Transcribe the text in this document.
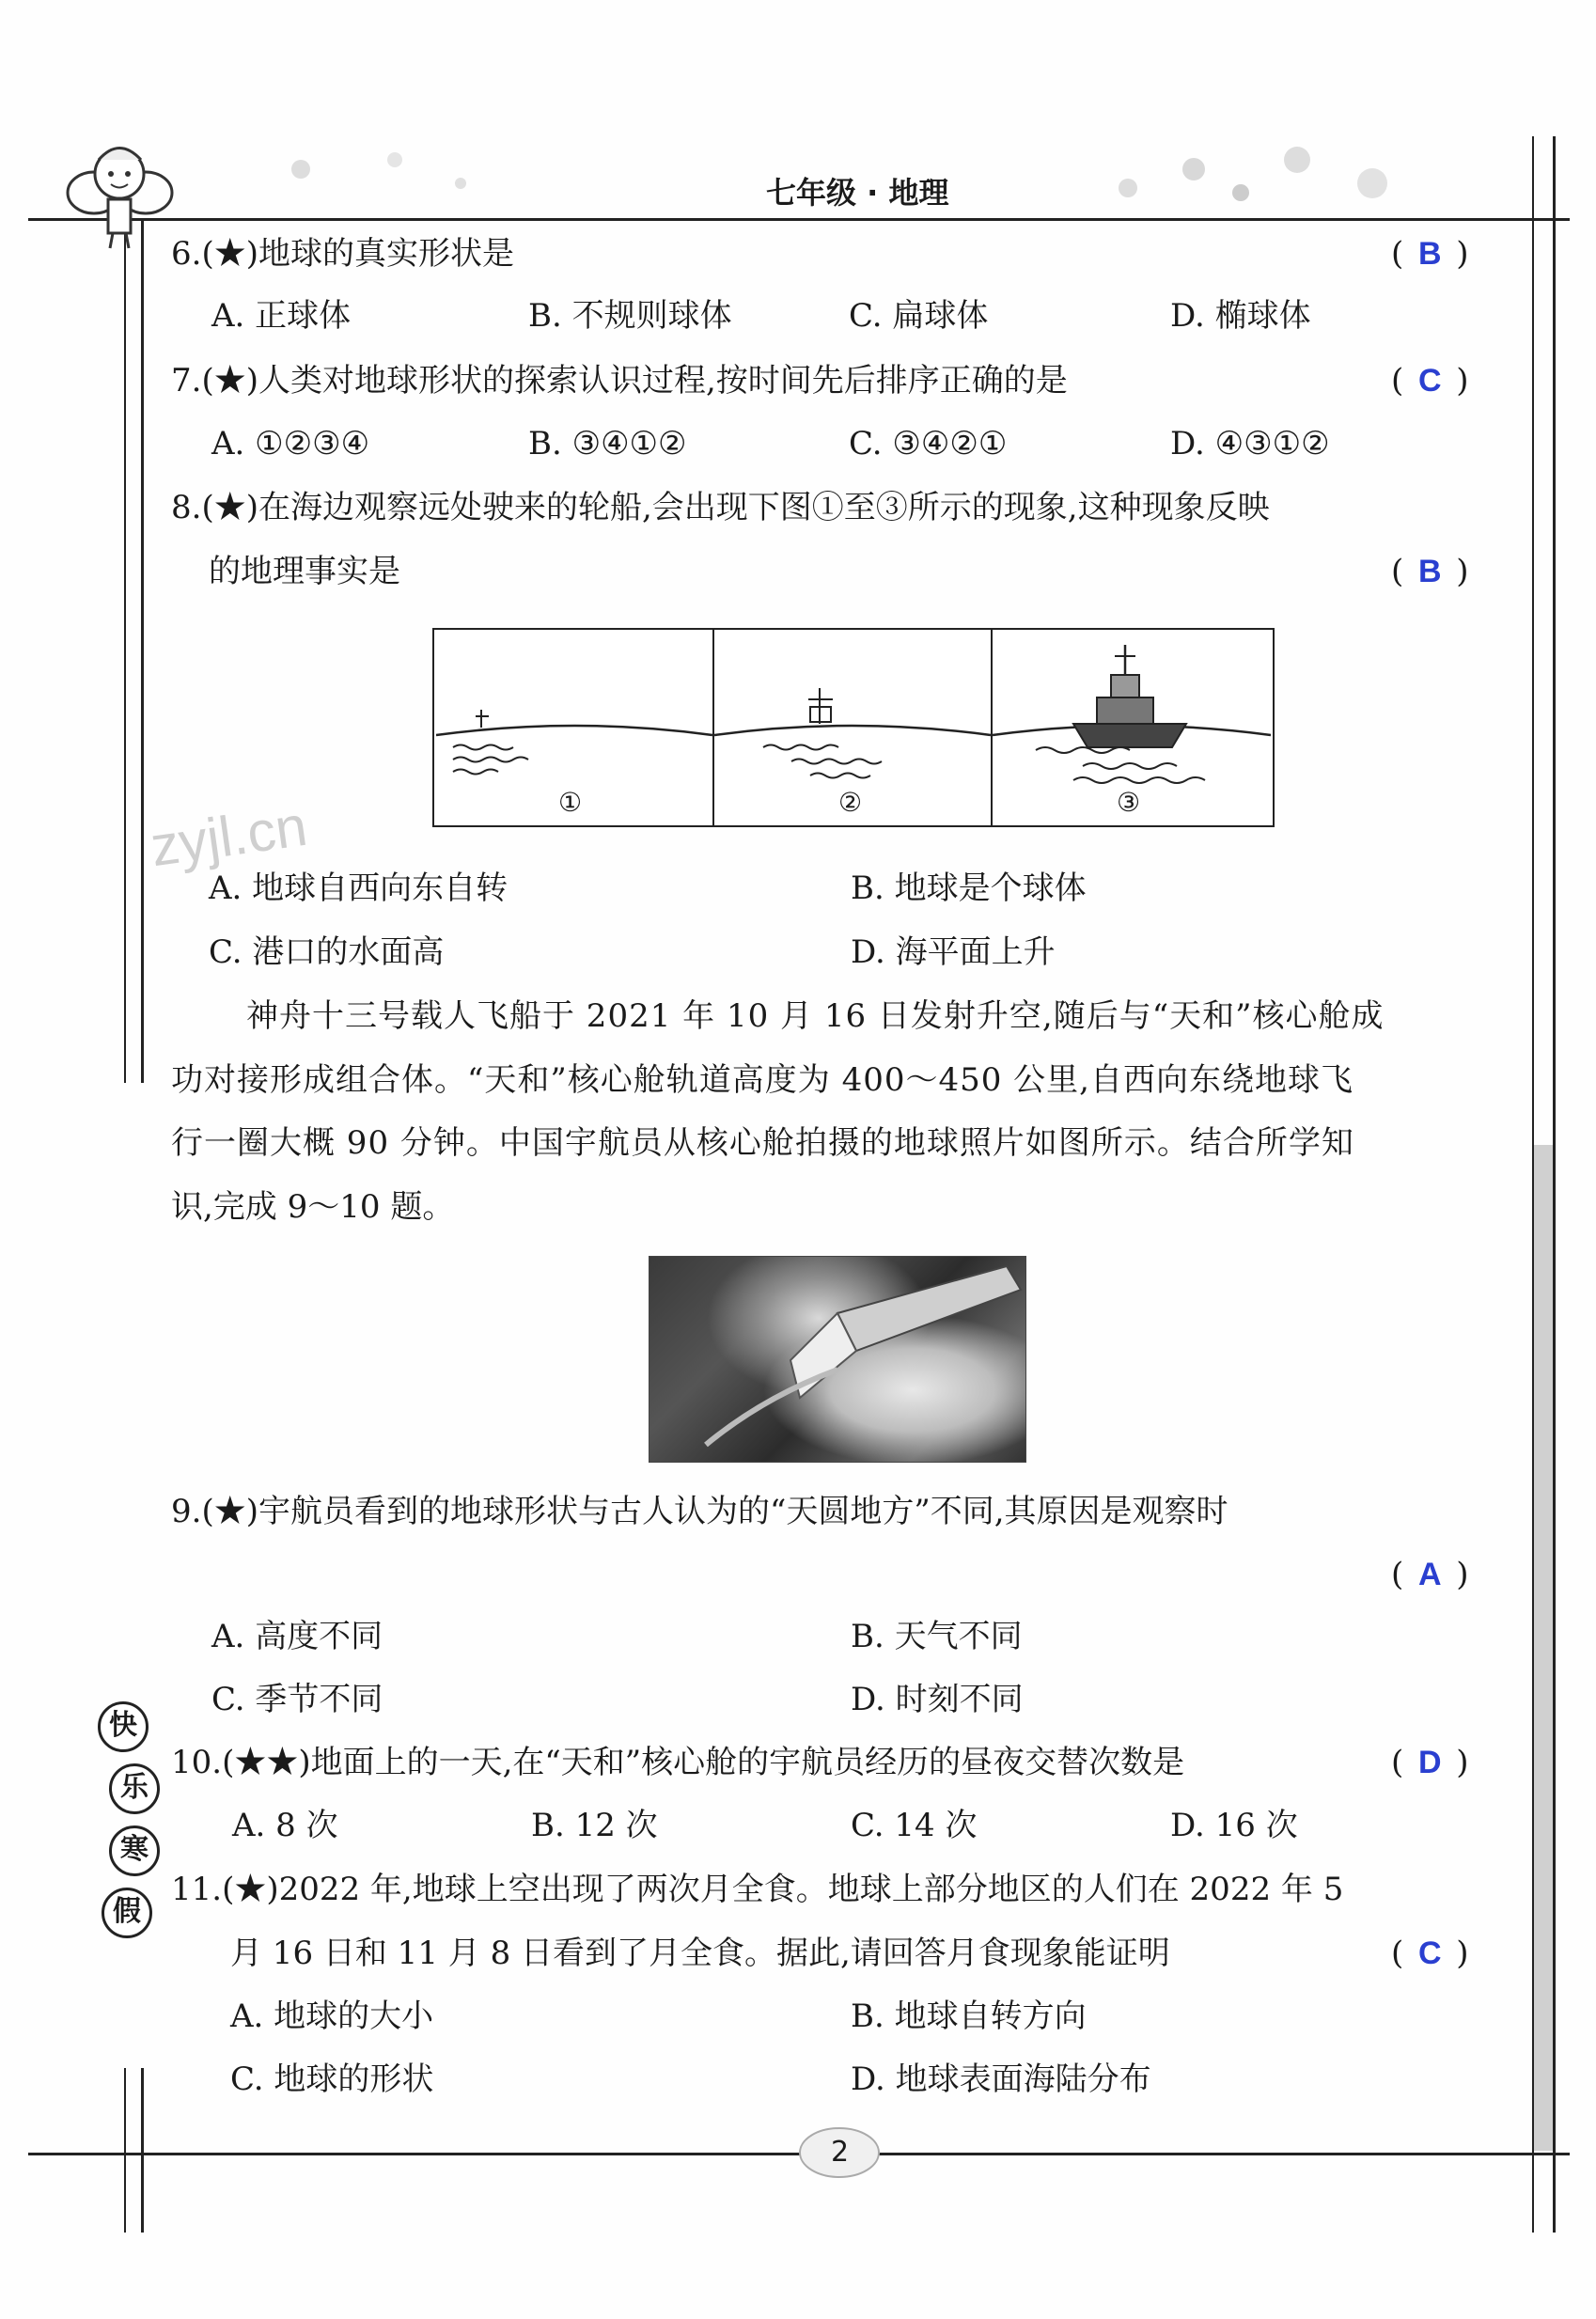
七年级 · 地理
6.(★)地球的真实形状是	( B )
A. 正球体	B. 不规则球体	C. 扁球体	D. 椭球体
7.(★)人类对地球形状的探索认识过程,按时间先后排序正确的是	( C )
A. ①②③④	B. ③④①②	C. ③④②①	D. ④③①②
8.(★)在海边观察远处驶来的轮船,会出现下图①至③所示的现象,这种现象反映
的地理事实是	( B )
①	②	③
zyjl.cn
A. 地球自西向东自转	B. 地球是个球体
C. 港口的水面高	D. 海平面上升
神舟十三号载人飞船于 2021 年 10 月 16 日发射升空,随后与“天和”核心舱成
功对接形成组合体。“天和”核心舱轨道高度为 400～450 公里,自西向东绕地球飞
行一圈大概 90 分钟。中国宇航员从核心舱拍摄的地球照片如图所示。结合所学知
识,完成 9～10 题。
9.(★)宇航员看到的地球形状与古人认为的“天圆地方”不同,其原因是观察时
( A )
A. 高度不同	B. 天气不同
C. 季节不同	D. 时刻不同
10.(★★)地面上的一天,在“天和”核心舱的宇航员经历的昼夜交替次数是	( D )
A. 8 次	B. 12 次	C. 14 次	D. 16 次
11.(★)2022 年,地球上空出现了两次月全食。地球上部分地区的人们在 2022 年 5
月 16 日和 11 月 8 日看到了月全食。据此,请回答月食现象能证明	( C )
A. 地球的大小	B. 地球自转方向
C. 地球的形状	D. 地球表面海陆分布
快
乐
寒
假
2
